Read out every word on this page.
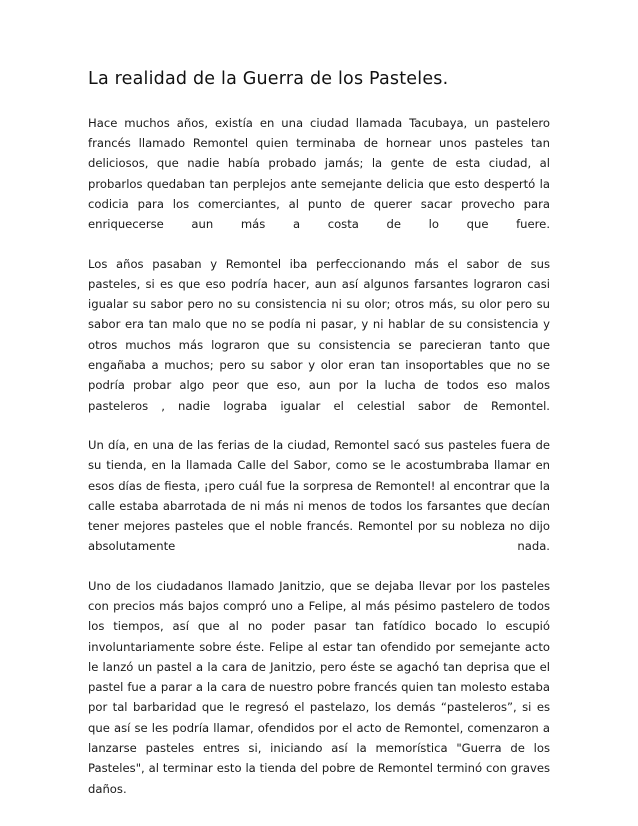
La realidad de la Guerra de los Pasteles.

Hace muchos años, existía en una ciudad llamada Tacubaya, un pastelero francés llamado Remontel quien terminaba de hornear unos pasteles tan deliciosos, que nadie había probado jamás; la gente de esta ciudad, al probarlos quedaban tan perplejos ante semejante delicia que esto despertó la codicia para los comerciantes, al punto de querer sacar provecho para enriquecerse aun más a costa de lo que fuere.

Los años pasaban y Remontel iba perfeccionando más el sabor de sus pasteles, si es que eso podría hacer, aun así algunos farsantes lograron casi igualar su sabor pero no su consistencia ni su olor; otros más, su olor pero su sabor era tan malo que no se podía ni pasar, y ni hablar de su consistencia y otros muchos más lograron que su consistencia se parecieran tanto que engañaba a muchos; pero su sabor y olor eran tan insoportables que no se podría probar algo peor que eso, aun por la lucha de todos eso malos pasteleros , nadie lograba igualar el celestial sabor de Remontel.

Un día, en una de las ferias de la ciudad, Remontel sacó sus pasteles fuera de su tienda, en la llamada Calle del Sabor, como se le acostumbraba llamar en esos días de fiesta, ¡pero cuál fue la sorpresa de Remontel! al encontrar que la calle estaba abarrotada de ni más ni menos de todos los farsantes que decían tener mejores pasteles que el noble francés. Remontel por su nobleza no dijo absolutamente nada.

Uno de los ciudadanos llamado Janitzio, que se dejaba llevar por los pasteles con precios más bajos compró uno a Felipe, al más pésimo pastelero de todos los tiempos, así que al no poder pasar tan fatídico bocado lo escupió involuntariamente sobre éste. Felipe al estar tan ofendido por semejante acto le lanzó un pastel a la cara de Janitzio, pero éste se agachó tan deprisa que el pastel fue a parar a la cara de nuestro pobre francés quien tan molesto estaba por tal barbaridad que le regresó el pastelazo, los demás “pasteleros”, si es que así se les podría llamar, ofendidos por el acto de Remontel, comenzaron a lanzarse pasteles entres si, iniciando así la memorística "Guerra de los Pasteles", al terminar esto la tienda del pobre de Remontel terminó con graves daños.
